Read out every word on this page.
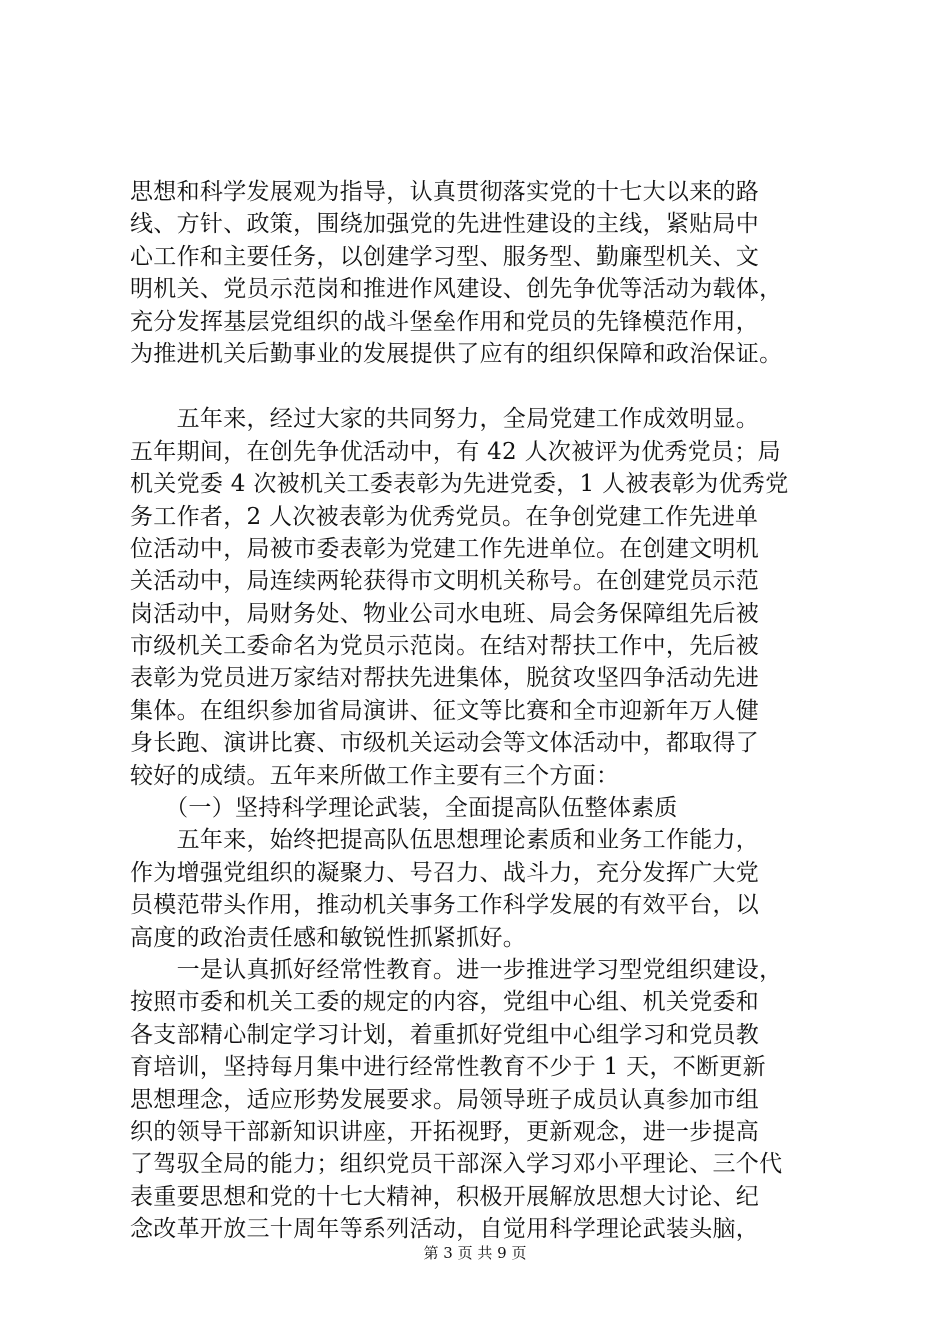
思想和科学发展观为指导，认真贯彻落实党的十七大以来的路
线、方针、政策，围绕加强党的先进性建设的主线，紧贴局中
心工作和主要任务，以创建学习型、服务型、勤廉型机关、文
明机关、党员示范岗和推进作风建设、创先争优等活动为载体，
充分发挥基层党组织的战斗堡垒作用和党员的先锋模范作用，
为推进机关后勤事业的发展提供了应有的组织保障和政治保证。
　　五年来，经过大家的共同努力，全局党建工作成效明显。
五年期间，在创先争优活动中，有 42 人次被评为优秀党员；局
机关党委 4 次被机关工委表彰为先进党委，1 人被表彰为优秀党
务工作者，2 人次被表彰为优秀党员。在争创党建工作先进单
位活动中，局被市委表彰为党建工作先进单位。在创建文明机
关活动中，局连续两轮获得市文明机关称号。在创建党员示范
岗活动中，局财务处、物业公司水电班、局会务保障组先后被
市级机关工委命名为党员示范岗。在结对帮扶工作中，先后被
表彰为党员进万家结对帮扶先进集体，脱贫攻坚四争活动先进
集体。在组织参加省局演讲、征文等比赛和全市迎新年万人健
身长跑、演讲比赛、市级机关运动会等文体活动中，都取得了
较好的成绩。五年来所做工作主要有三个方面：
　　（一）坚持科学理论武装，全面提高队伍整体素质
　　五年来，始终把提高队伍思想理论素质和业务工作能力，
作为增强党组织的凝聚力、号召力、战斗力，充分发挥广大党
员模范带头作用，推动机关事务工作科学发展的有效平台，以
高度的政治责任感和敏锐性抓紧抓好。
　　一是认真抓好经常性教育。进一步推进学习型党组织建设，
按照市委和机关工委的规定的内容，党组中心组、机关党委和
各支部精心制定学习计划，着重抓好党组中心组学习和党员教
育培训，坚持每月集中进行经常性教育不少于 1 天，不断更新
思想理念，适应形势发展要求。局领导班子成员认真参加市组
织的领导干部新知识讲座，开拓视野，更新观念，进一步提高
了驾驭全局的能力；组织党员干部深入学习邓小平理论、三个代
表重要思想和党的十七大精神，积极开展解放思想大讨论、纪
念改革开放三十周年等系列活动，自觉用科学理论武装头脑，
第 3 页 共 9 页
